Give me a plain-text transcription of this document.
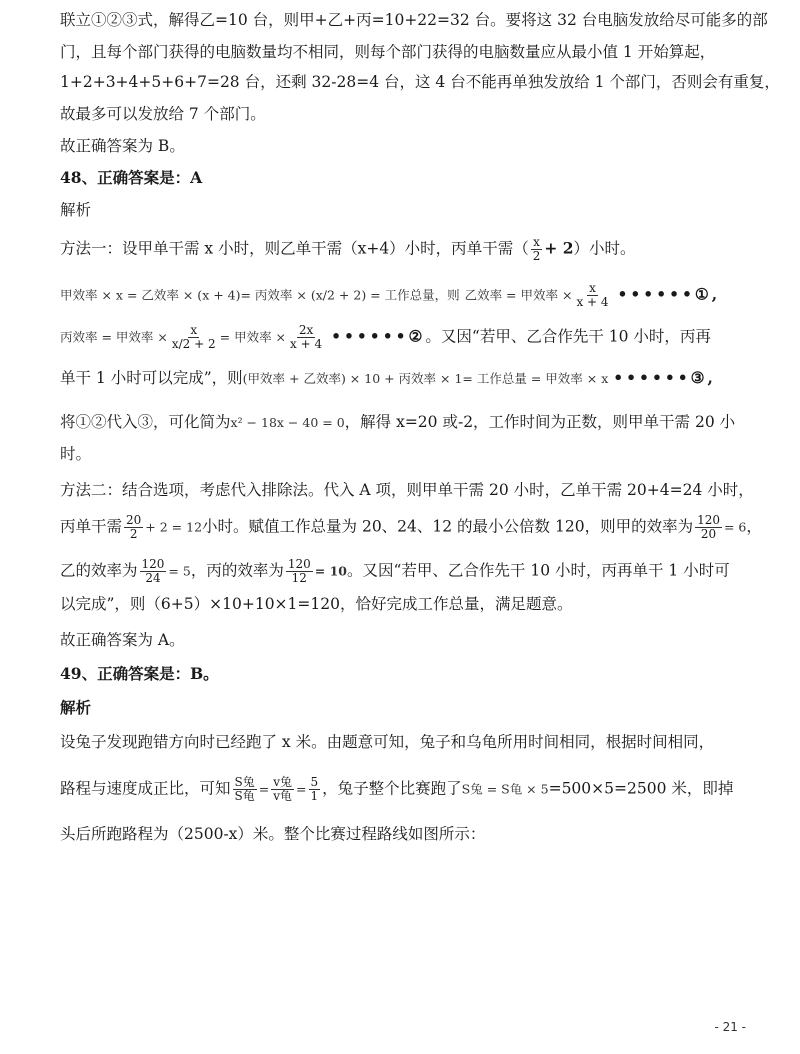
联立①②③式，解得乙=10 台，则甲+乙+丙=10+22=32 台。要将这 32 台电脑发放给尽可能多的部
门，且每个部门获得的电脑数量均不相同，则每个部门获得的电脑数量应从最小值 1 开始算起，
1+2+3+4+5+6+7=28 台，还剩 32-28=4 台，这 4 台不能再单独发放给 1 个部门，否则会有重复，
故最多可以发放给 7 个部门。
故正确答案为 B。
48、正确答案是：A
解析
方法一：设甲单干需 x 小时，则乙单干需（x+4）小时，丙单干需（ $\frac{x}{2} + 2$）小时。
甲效率 × x = 乙效率 × (x + 4)= 丙效率 × (x/2 + 2) = 工作总量，则 乙效率 = 甲效率 × $\frac{x}{x + 4}$ ••••••①,
丙效率 = 甲效率 × $\frac{x}{x/2 + 2}$ = 甲效率 × $\frac{2x}{x + 4}$ ••••••②。又因“若甲、乙合作先干 10 小时，丙再
单干 1 小时可以完成”，则(甲效率 + 乙效率) × 10 + 丙效率 × 1= 工作总量 = 甲效率 × x ••••••③,
将①②代入③，可化简为x² − 18x − 40 = 0，解得 x=20 或-2，工作时间为正数，则甲单干需 20 小
时。
方法二：结合选项，考虑代入排除法。代入 A 项，则甲单干需 20 小时，乙单干需 20+4=24 小时，
丙单干需 $\frac{20}{2} + 2 = 12$小时。赋值工作总量为 20、24、12 的最小公倍数 120，则甲的效率为 $\frac{120}{20} = 6$，
乙的效率为 $\frac{120}{24} = 5$，丙的效率为 $\frac{120}{12} = 10$。又因“若甲、乙合作先干 10 小时，丙再单干 1 小时可
以完成”，则（6+5）×10+10×1=120，恰好完成工作总量，满足题意。
故正确答案为 A。
49、正确答案是：B。
解析
设兔子发现跑错方向时已经跑了 x 米。由题意可知，兔子和乌龟所用时间相同，根据时间相同，
路程与速度成正比，可知 $\frac{\text{S兔}}{\text{S龟}} = \frac{\text{v兔}}{\text{v龟}} = \frac{5}{1}$ ，兔子整个比赛跑了S兔 = S龟 × 5=500×5=2500 米，即掉
头后所跑路程为（2500-x）米。整个比赛过程路线如图所示：
- 21 -
